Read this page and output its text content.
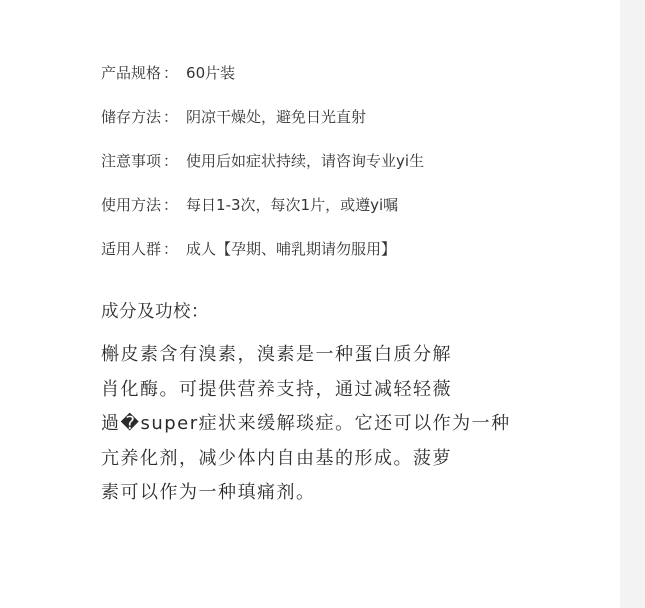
产品规格 ： 60片装
储存方法 ： 阴凉干燥处，避免日光直射
注意事项 ： 使用后如症状持续，请咨询专业yi生
使用方法 ： 每日1-3次，每次1片，或遵yi嘱
适用人群 ： 成人【孕期、哺乳期请勿服用】
成分及功校：
槲皮素含有溴素，溴素是一种蛋白质分解
肖化酶。可提供营养支持，通过减轻轻薇
過�super症状来缓解琰症。它还可以作为一种
亢养化剂，减少体内自由基的形成。菠萝
素可以作为一种瑱痛剂。
